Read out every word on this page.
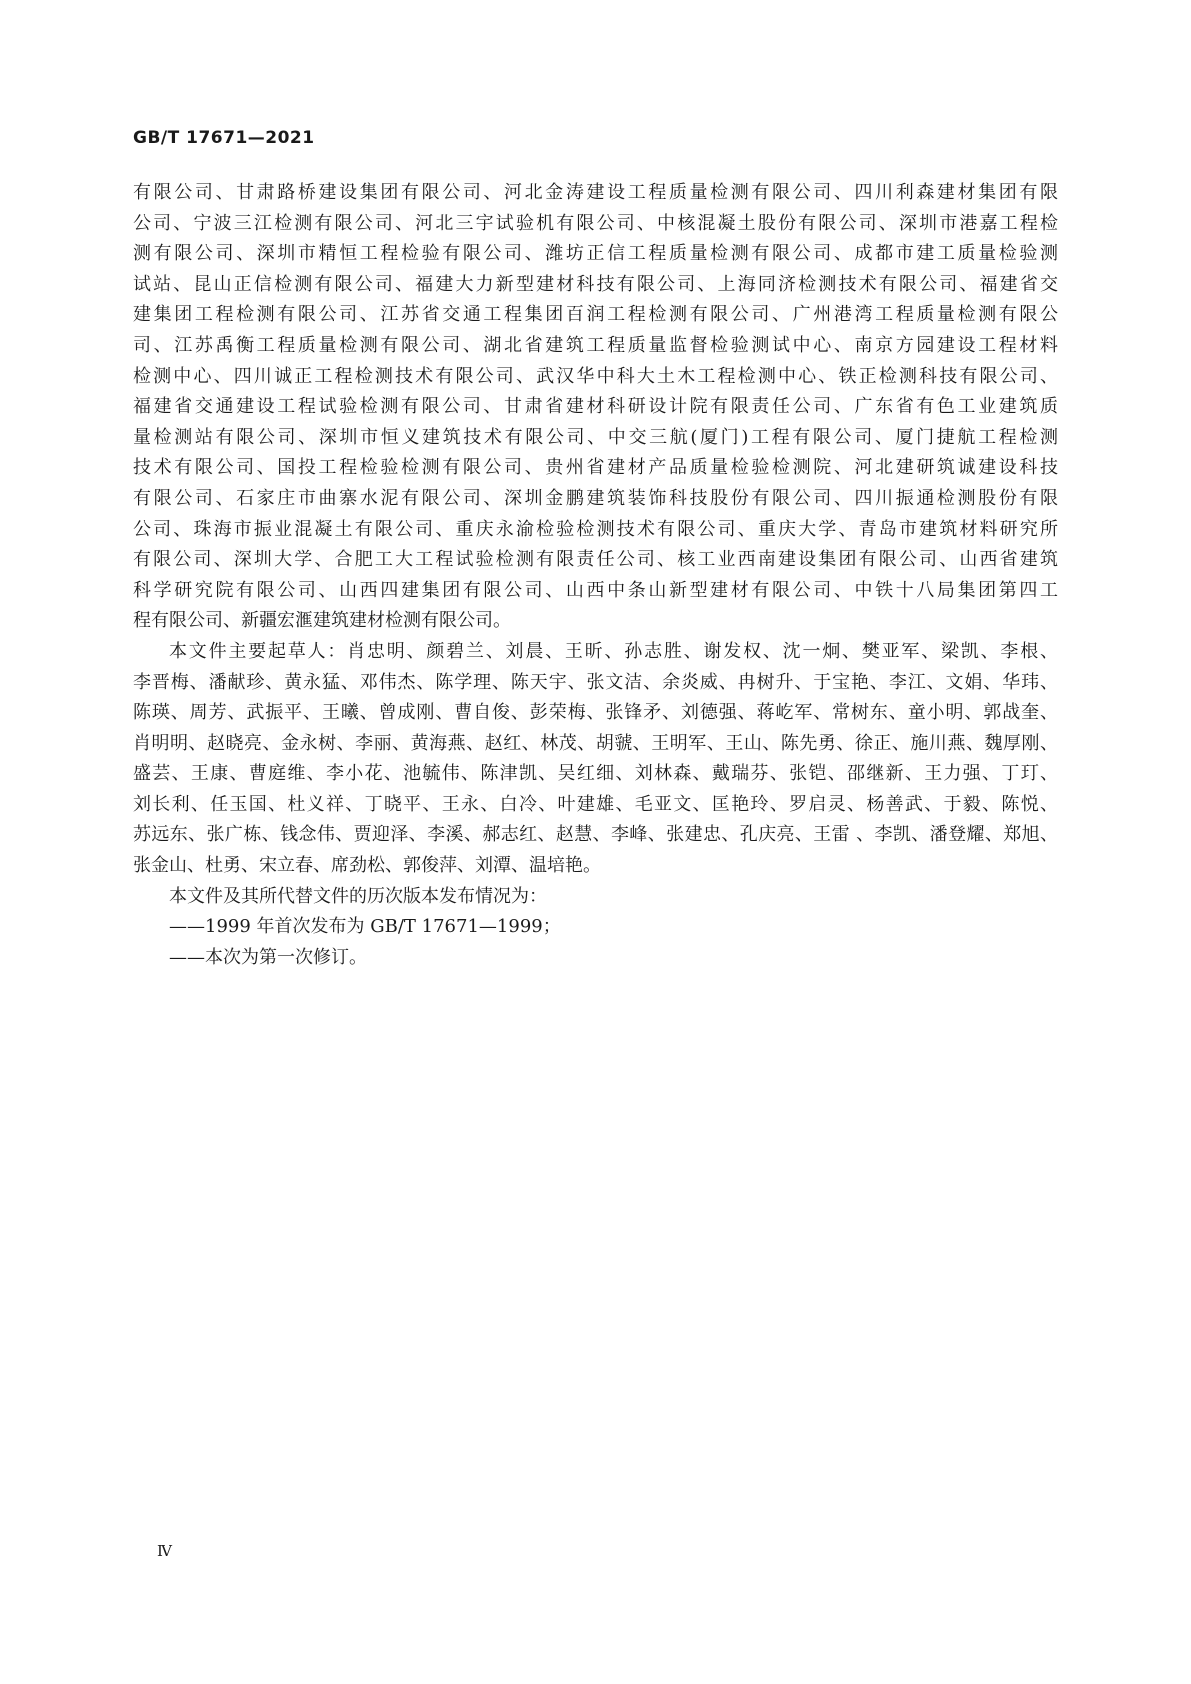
GB/T 17671—2021
有限公司、甘肃路桥建设集团有限公司、河北金涛建设工程质量检测有限公司、四川利森建材集团有限
公司、宁波三江检测有限公司、河北三宇试验机有限公司、中核混凝土股份有限公司、深圳市港嘉工程检
测有限公司、深圳市精恒工程检验有限公司、潍坊正信工程质量检测有限公司、成都市建工质量检验测
试站、昆山正信检测有限公司、福建大力新型建材科技有限公司、上海同济检测技术有限公司、福建省交
建集团工程检测有限公司、江苏省交通工程集团百润工程检测有限公司、广州港湾工程质量检测有限公
司、江苏禹衡工程质量检测有限公司、湖北省建筑工程质量监督检验测试中心、南京方园建设工程材料
检测中心、四川诚正工程检测技术有限公司、武汉华中科大土木工程检测中心、铁正检测科技有限公司、
福建省交通建设工程试验检测有限公司、甘肃省建材科研设计院有限责任公司、广东省有色工业建筑质
量检测站有限公司、深圳市恒义建筑技术有限公司、中交三航(厦门)工程有限公司、厦门捷航工程检测
技术有限公司、国投工程检验检测有限公司、贵州省建材产品质量检验检测院、河北建研筑诚建设科技
有限公司、石家庄市曲寨水泥有限公司、深圳金鹏建筑装饰科技股份有限公司、四川振通检测股份有限
公司、珠海市振业混凝土有限公司、重庆永渝检验检测技术有限公司、重庆大学、青岛市建筑材料研究所
有限公司、深圳大学、合肥工大工程试验检测有限责任公司、核工业西南建设集团有限公司、山西省建筑
科学研究院有限公司、山西四建集团有限公司、山西中条山新型建材有限公司、中铁十八局集团第四工
程有限公司、新疆宏滙建筑建材检测有限公司。
本文件主要起草人：肖忠明、颜碧兰、刘晨、王昕、孙志胜、谢发权、沈一炯、樊亚军、梁凯、李根、
李晋梅、潘献珍、黄永猛、邓伟杰、陈学理、陈天宇、张文洁、余炎威、冉树升、于宝艳、李江、文娟、华玮、
陈瑛、周芳、武振平、王曦、曾成刚、曹自俊、彭荣梅、张锋矛、刘德强、蒋屹军、常树东、童小明、郭战奎、
肖明明、赵晓亮、金永树、李丽、黄海燕、赵红、林茂、胡虢、王明军、王山、陈先勇、徐正、施川燕、魏厚刚、
盛芸、王康、曹庭维、李小花、池毓伟、陈津凯、吴红细、刘林森、戴瑞芬、张铠、邵继新、王力强、丁玎、
刘长利、任玉国、杜义祥、丁晓平、王永、白冷、叶建雄、毛亚文、匡艳玲、罗启灵、杨善武、于毅、陈悦、
苏远东、张广栋、钱念伟、贾迎泽、李溪、郝志红、赵慧、李峰、张建忠、孔庆亮、王雷 、李凯、潘登耀、郑旭、
张金山、杜勇、宋立春、席劲松、郭俊萍、刘潭、温培艳。
本文件及其所代替文件的历次版本发布情况为：
——1999 年首次发布为 GB/T 17671—1999；
——本次为第一次修订。
Ⅳ
